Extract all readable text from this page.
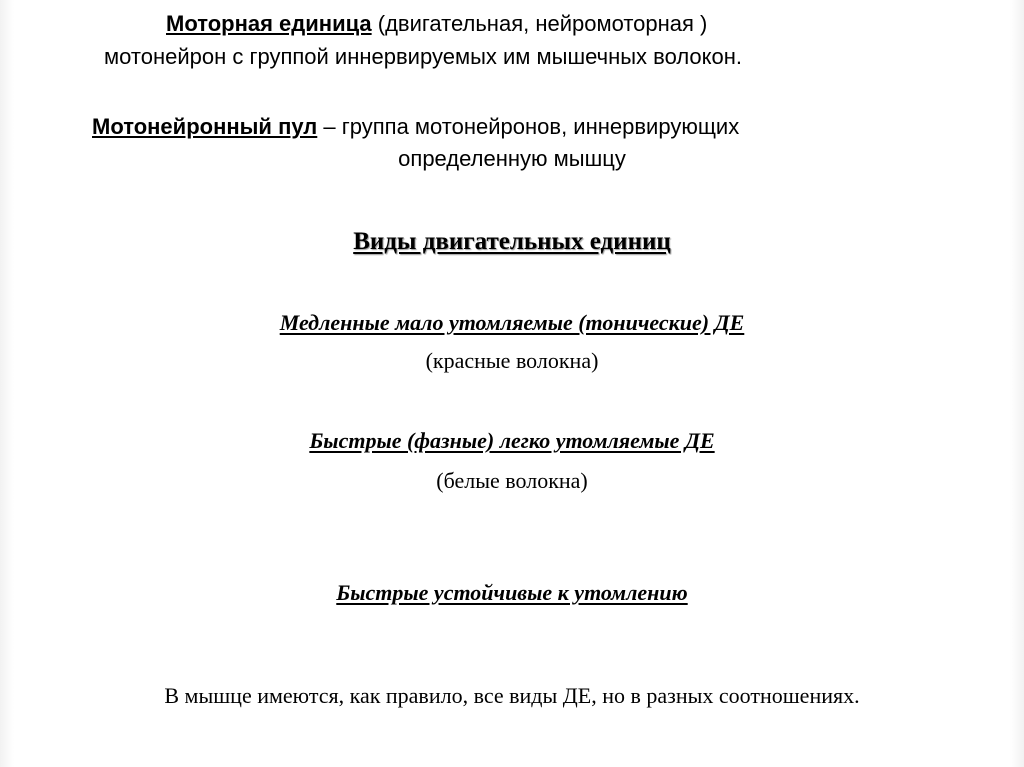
Моторная единица (двигательная, нейромоторная )
мотонейрон с группой иннервируемых им мышечных волокон.
Мотонейронный пул – группа мотонейронов, иннервирующих
определенную мышцу
Виды двигательных единиц
Медленные мало утомляемые (тонические) ДЕ
(красные волокна)
Быстрые (фазные) легко утомляемые ДЕ
(белые волокна)
Быстрые устойчивые к утомлению
В мышце имеются, как правило, все виды ДЕ, но в разных соотношениях.
